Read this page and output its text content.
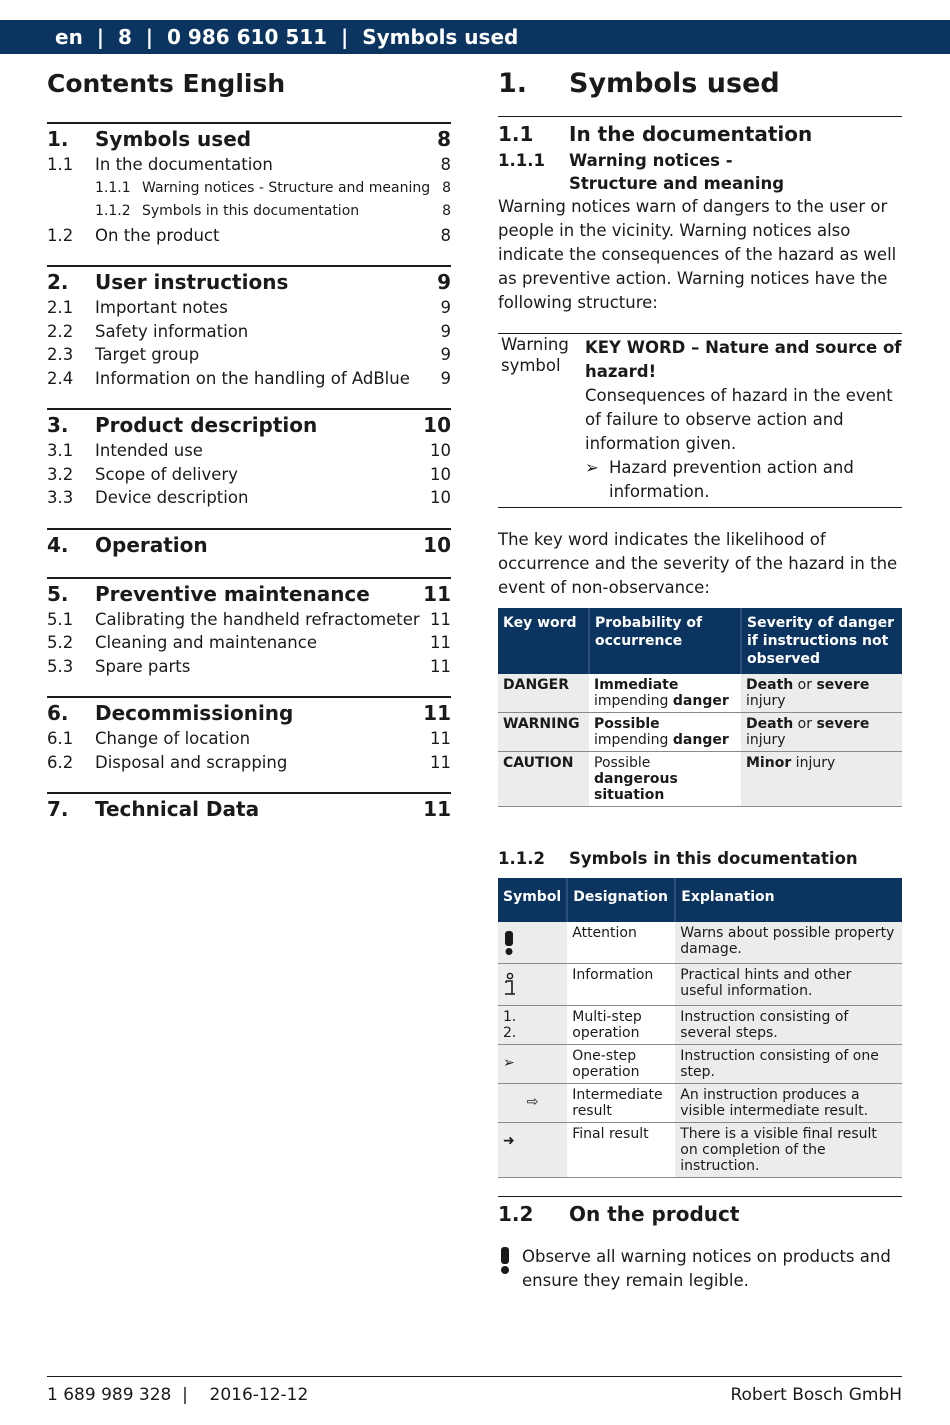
en  |  8  |  0 986 610 511  |  Symbols used
Contents English
1.	Symbols used	8
1.1	In the documentation	8
1.1.1 Warning notices - Structure and meaning 8
1.1.2 Symbols in this documentation	8
1.2	On the product	8
2.	User instructions	9
2.1	Important notes	9
2.2	Safety information	9
2.3	Target group	9
2.4	Information on the handling of AdBlue	9
3.	Product description	10
3.1	Intended use	10
3.2	Scope of delivery	10
3.3	Device description	10
4.	Operation	10
5.	Preventive maintenance	11
5.1	Calibrating the handheld refractometer 11
5.2	Cleaning and maintenance	11
5.3	Spare parts	11
6.	Decommissioning	11
6.1	Change of location	11
6.2	Disposal and scrapping	11
7.	Technical Data	11
1.	Symbols used
1.1	In the documentation
1.1.1	Warning notices -
Structure and meaning

Warning notices warn of dangers to the user or people in the vicinity. Warning notices also indicate the consequences of the hazard as well as preventive action. Warning notices have the following structure:

Warning symbol
KEY WORD – Nature and source of hazard!
Consequences of hazard in the event of failure to observe action and information given.
➢ Hazard prevention action and information.

The key word indicates the likelihood of occurrence and the severity of the hazard in the event of non-observance:

Key word	Probability of occurrence	Severity of danger if instructions not observed
DANGER	Immediate impending danger	Death or severe injury
WARNING	Possible impending danger	Death or severe injury
CAUTION	Possible dangerous situation	Minor injury
1.1.2	Symbols in this documentation
Symbol	Designation	Explanation
	Attention	Warns about possible property damage.
	Information	Practical hints and other useful information.
1.
2.	Multi-step operation	Instruction consisting of several steps.
➢	One-step operation	Instruction consisting of one step.
⇨	Intermediate result	An instruction produces a visible intermediate result.
➜	Final result	There is a visible final result on completion of the instruction.
1.2	On the product

Observe all warning notices on products and ensure they remain legible.

1 689 989 328  |    2016-12-12	Robert Bosch GmbH
